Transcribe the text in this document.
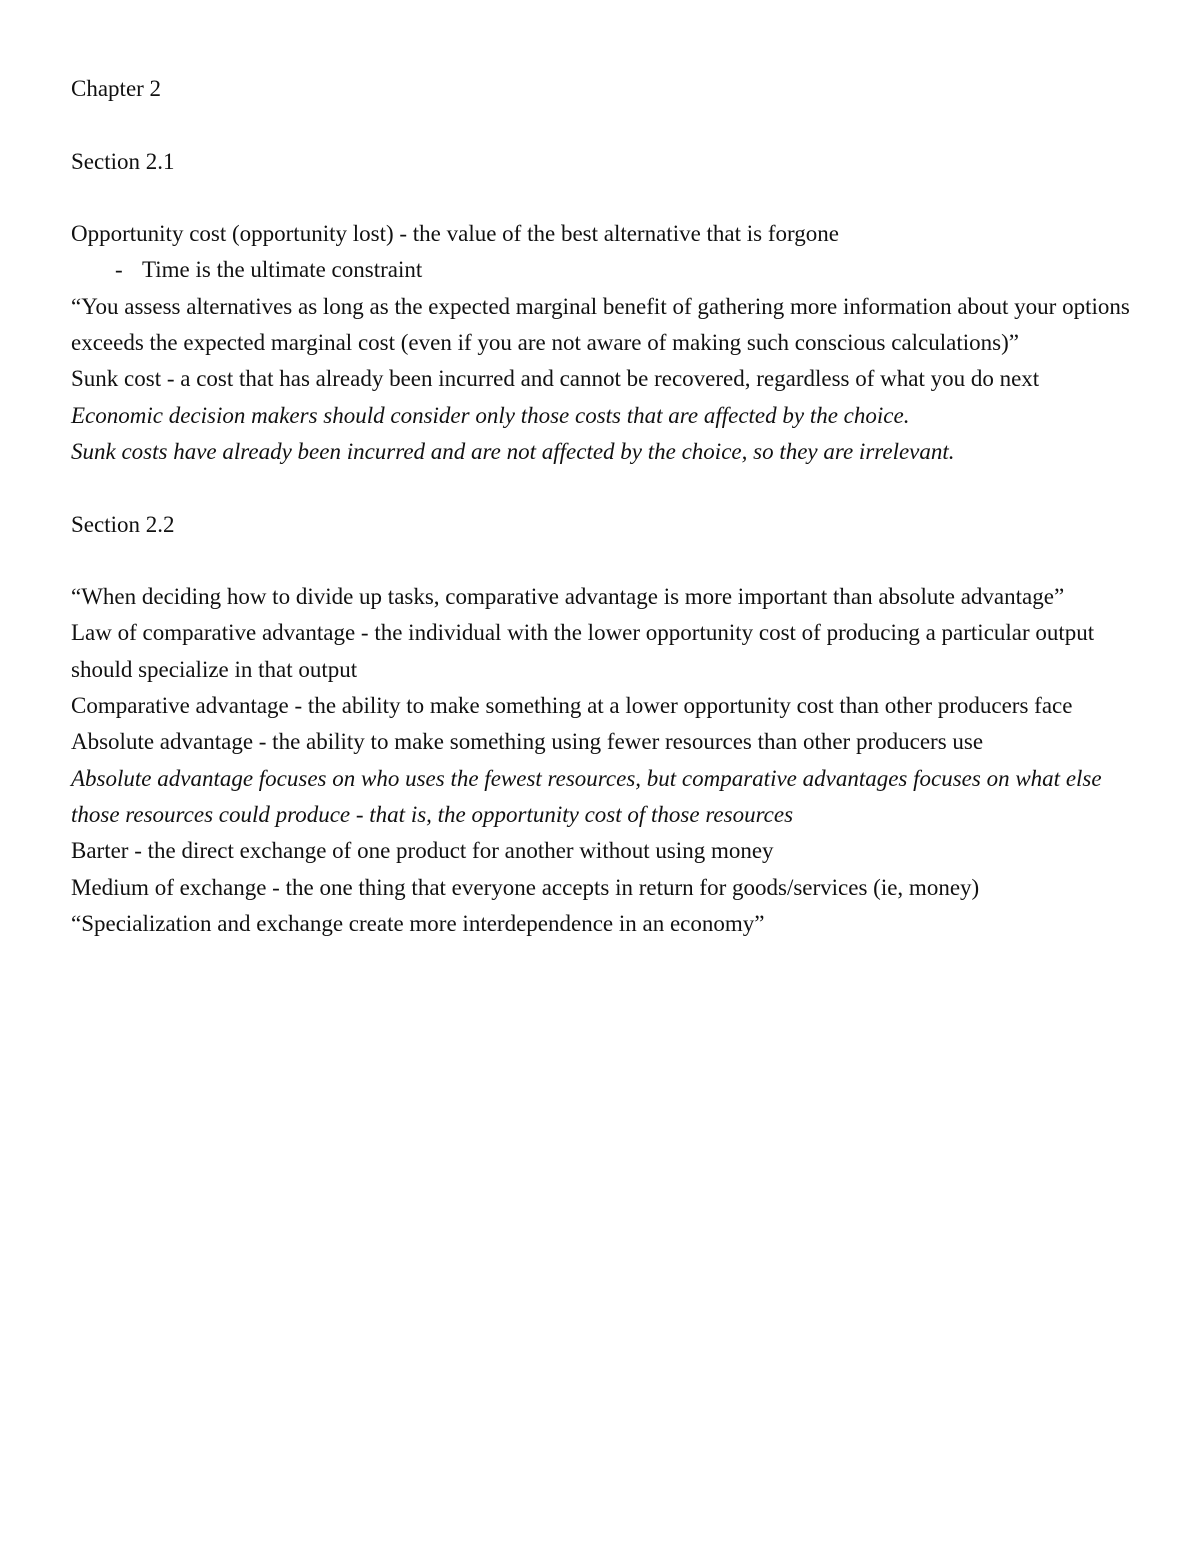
Chapter 2

Section 2.1

Opportunity cost (opportunity lost) - the value of the best alternative that is forgone

- Time is the ultimate constraint

“You assess alternatives as long as the expected marginal benefit of gathering more information about your options exceeds the expected marginal cost (even if you are not aware of making such conscious calculations)”

Sunk cost - a cost that has already been incurred and cannot be recovered, regardless of what you do next

Economic decision makers should consider only those costs that are affected by the choice.

Sunk costs have already been incurred and are not affected by the choice, so they are irrelevant.

Section 2.2

“When deciding how to divide up tasks, comparative advantage is more important than absolute advantage”

Law of comparative advantage - the individual with the lower opportunity cost of producing a particular output should specialize in that output

Comparative advantage - the ability to make something at a lower opportunity cost than other producers face

Absolute advantage - the ability to make something using fewer resources than other producers use

Absolute advantage focuses on who uses the fewest resources, but comparative advantages focuses on what else those resources could produce - that is, the opportunity cost of those resources

Barter - the direct exchange of one product for another without using money

Medium of exchange - the one thing that everyone accepts in return for goods/services (ie, money)

“Specialization and exchange create more interdependence in an economy”
